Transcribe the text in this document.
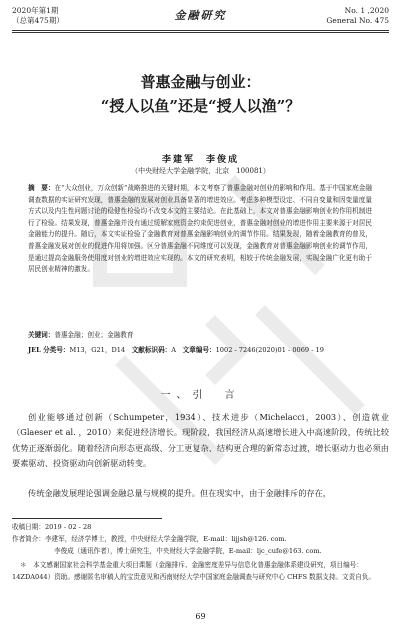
2020年第1期
（总第475期）	金融研究	No. 1 ,2020
General No. 475
普惠金融与创业：
“授人以鱼”还是“授人以渔”？
李建军　李俊成
（中央财经大学金融学院，北京　100081）
摘　要：在“大众创业，万众创新”战略推进的关键时期，本文考察了普惠金融对创业的影响和作用。基于中国家庭金融调查数据的实证研究发现，普惠金融的发展对创业具备显著的增进效应。考虑多种模型设定、不同自变量和因变量度量方式以及内生性问题讨论的稳健性检验均不改变本文的主要结论。在此基础上，本文对普惠金融影响创业的作用机制进行了检验。结果发现，普惠金融并没有通过缓解家庭资金约束促进创业，普惠金融对创业的增进作用主要来源于对居民金融能力的提升。随后，本文实证检验了金融教育对普惠金融影响创业的调节作用。结果发现，随着金融教育的普及，普惠金融发展对创业的促进作用将加强。区分普惠金融不同维度可以发现，金融教育对普惠金融影响创业的调节作用，是通过提高金融服务使用度对创业的增进效应实现的。本文的研究表明，相较于传统金融发展，实现金融广化更有助于居民创业精神的激发。
关键词：普惠金融；创业；金融教育
JEL 分类号：M13，G21，D14　 文献标识码：A　 文章编号：1002 - 7246(2020)01 - 0069 - 19
一、引　言
创业能够通过创新（Schumpeter，1934）、技术进步（Michelacci，2003）、创造就业（Glaeser et al. ，2010）来促进经济增长。现阶段，我国经济从高速增长进入中高速阶段，传统比较优势正逐渐弱化。随着经济向形态更高级、分工更复杂、结构更合理的新常态过渡，增长驱动力也必须由要素驱动、投资驱动向创新驱动转变。
传统金融发展理论强调金融总量与规模的提升。但在现实中，由于金融排斥的存在，
收稿日期：2019 - 02 - 28
作者简介：李建军，经济学博士，教授，中央财经大学金融学院，E-mail：lijjsh@126. com.
李俊成（通讯作者），博士研究生，中央财经大学金融学院，E-mail：ljc_cufe@163. com.
＊　本文感谢国家社会科学基金重大项目课题（金融排斥、金融密度差异与信息化普惠金融体系建设研究，项目编号：14ZDA044）资助。感谢匿名审稿人的宝贵意见和西南财经大学中国家庭金融调查与研究中心 CHFS 数据支持。文责自负。
69
